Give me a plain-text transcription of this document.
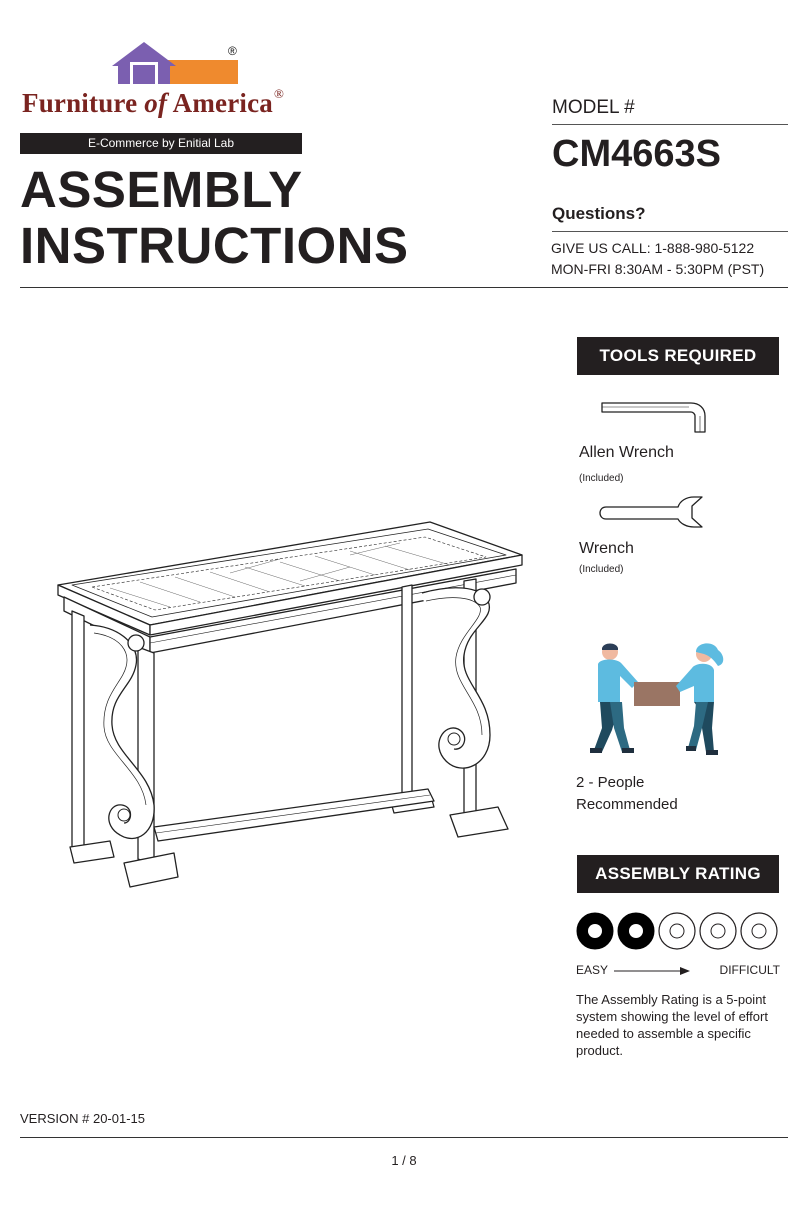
®
Furniture of America®
E-Commerce by Enitial Lab
ASSEMBLY
INSTRUCTIONS
MODEL #
CM4663S
Questions?
GIVE US CALL: 1-888-980-5122
MON-FRI 8:30AM - 5:30PM (PST)
TOOLS REQUIRED
Allen Wrench
(Included)
Wrench
(Included)
2 - People
Recommended
ASSEMBLY RATING
EASY	DIFFICULT
The Assembly Rating is a 5-point system showing the level of effort needed to assemble a specific product.
VERSION # 20-01-15
1 / 8
